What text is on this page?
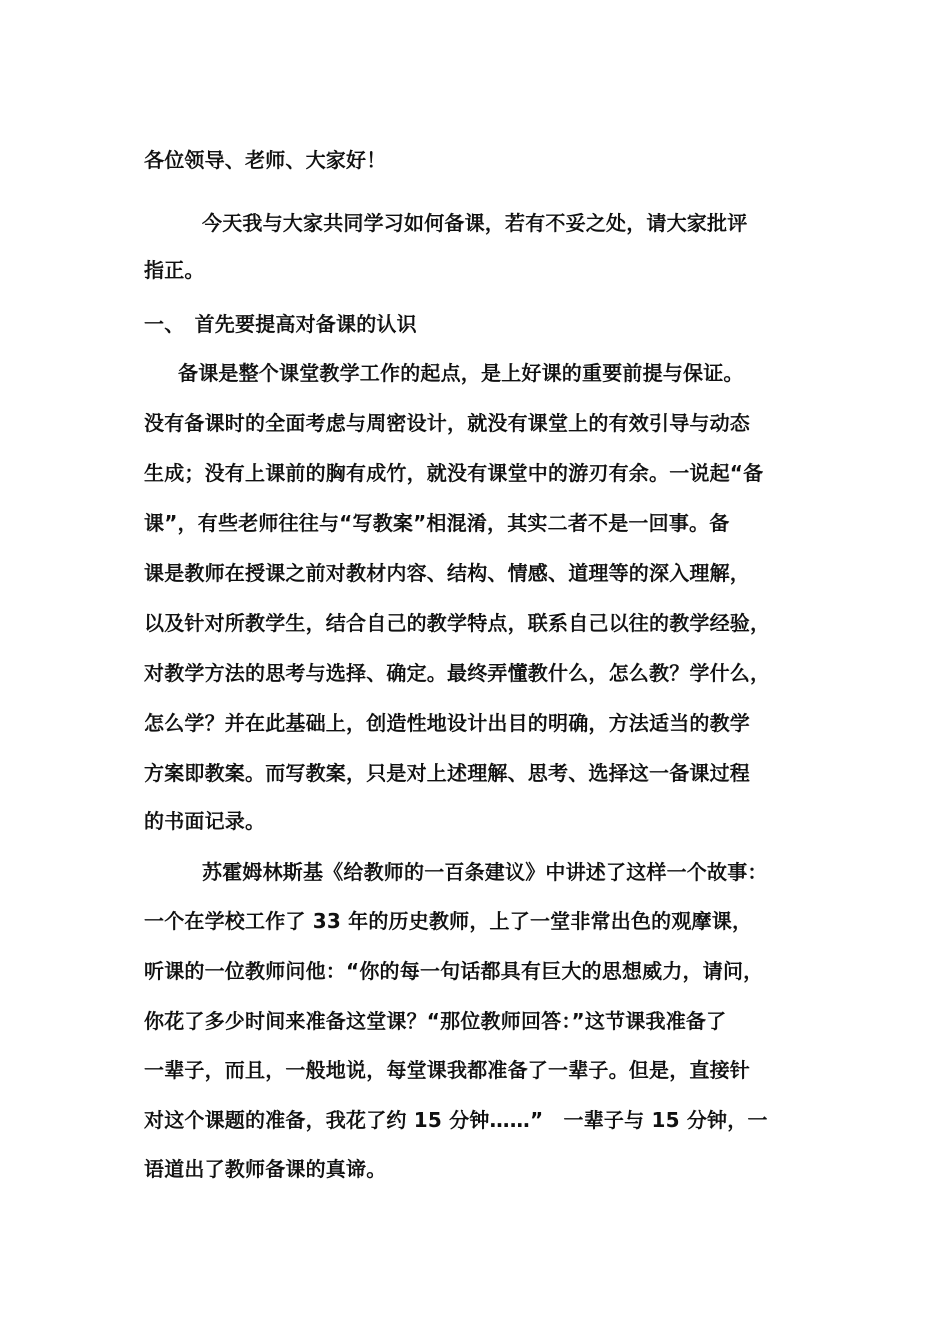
各位领导、老师、大家好！
今天我与大家共同学习如何备课，若有不妥之处，请大家批评
指正。
一、　首先要提高对备课的认识
备课是整个课堂教学工作的起点，是上好课的重要前提与保证。
没有备课时的全面考虑与周密设计，就没有课堂上的有效引导与动态
生成；没有上课前的胸有成竹，就没有课堂中的游刃有余。一说起“备
课”，有些老师往往与“写教案”相混淆，其实二者不是一回事。备
课是教师在授课之前对教材内容、结构、情感、道理等的深入理解，
以及针对所教学生，结合自己的教学特点，联系自己以往的教学经验，
对教学方法的思考与选择、确定。最终弄懂教什么，怎么教？学什么，
怎么学？并在此基础上，创造性地设计出目的明确，方法适当的教学
方案即教案。而写教案，只是对上述理解、思考、选择这一备课过程
的书面记录。
苏霍姆林斯基《给教师的一百条建议》中讲述了这样一个故事：
一个在学校工作了 33 年的历史教师，上了一堂非常出色的观摩课，
听课的一位教师问他：“你的每一句话都具有巨大的思想威力，请问，
你花了多少时间来准备这堂课？“那位教师回答：”这节课我准备了
一辈子，而且，一般地说，每堂课我都准备了一辈子。但是，直接针
对这个课题的准备，我花了约 15 分钟……”　一辈子与 15 分钟，一
语道出了教师备课的真谛。
